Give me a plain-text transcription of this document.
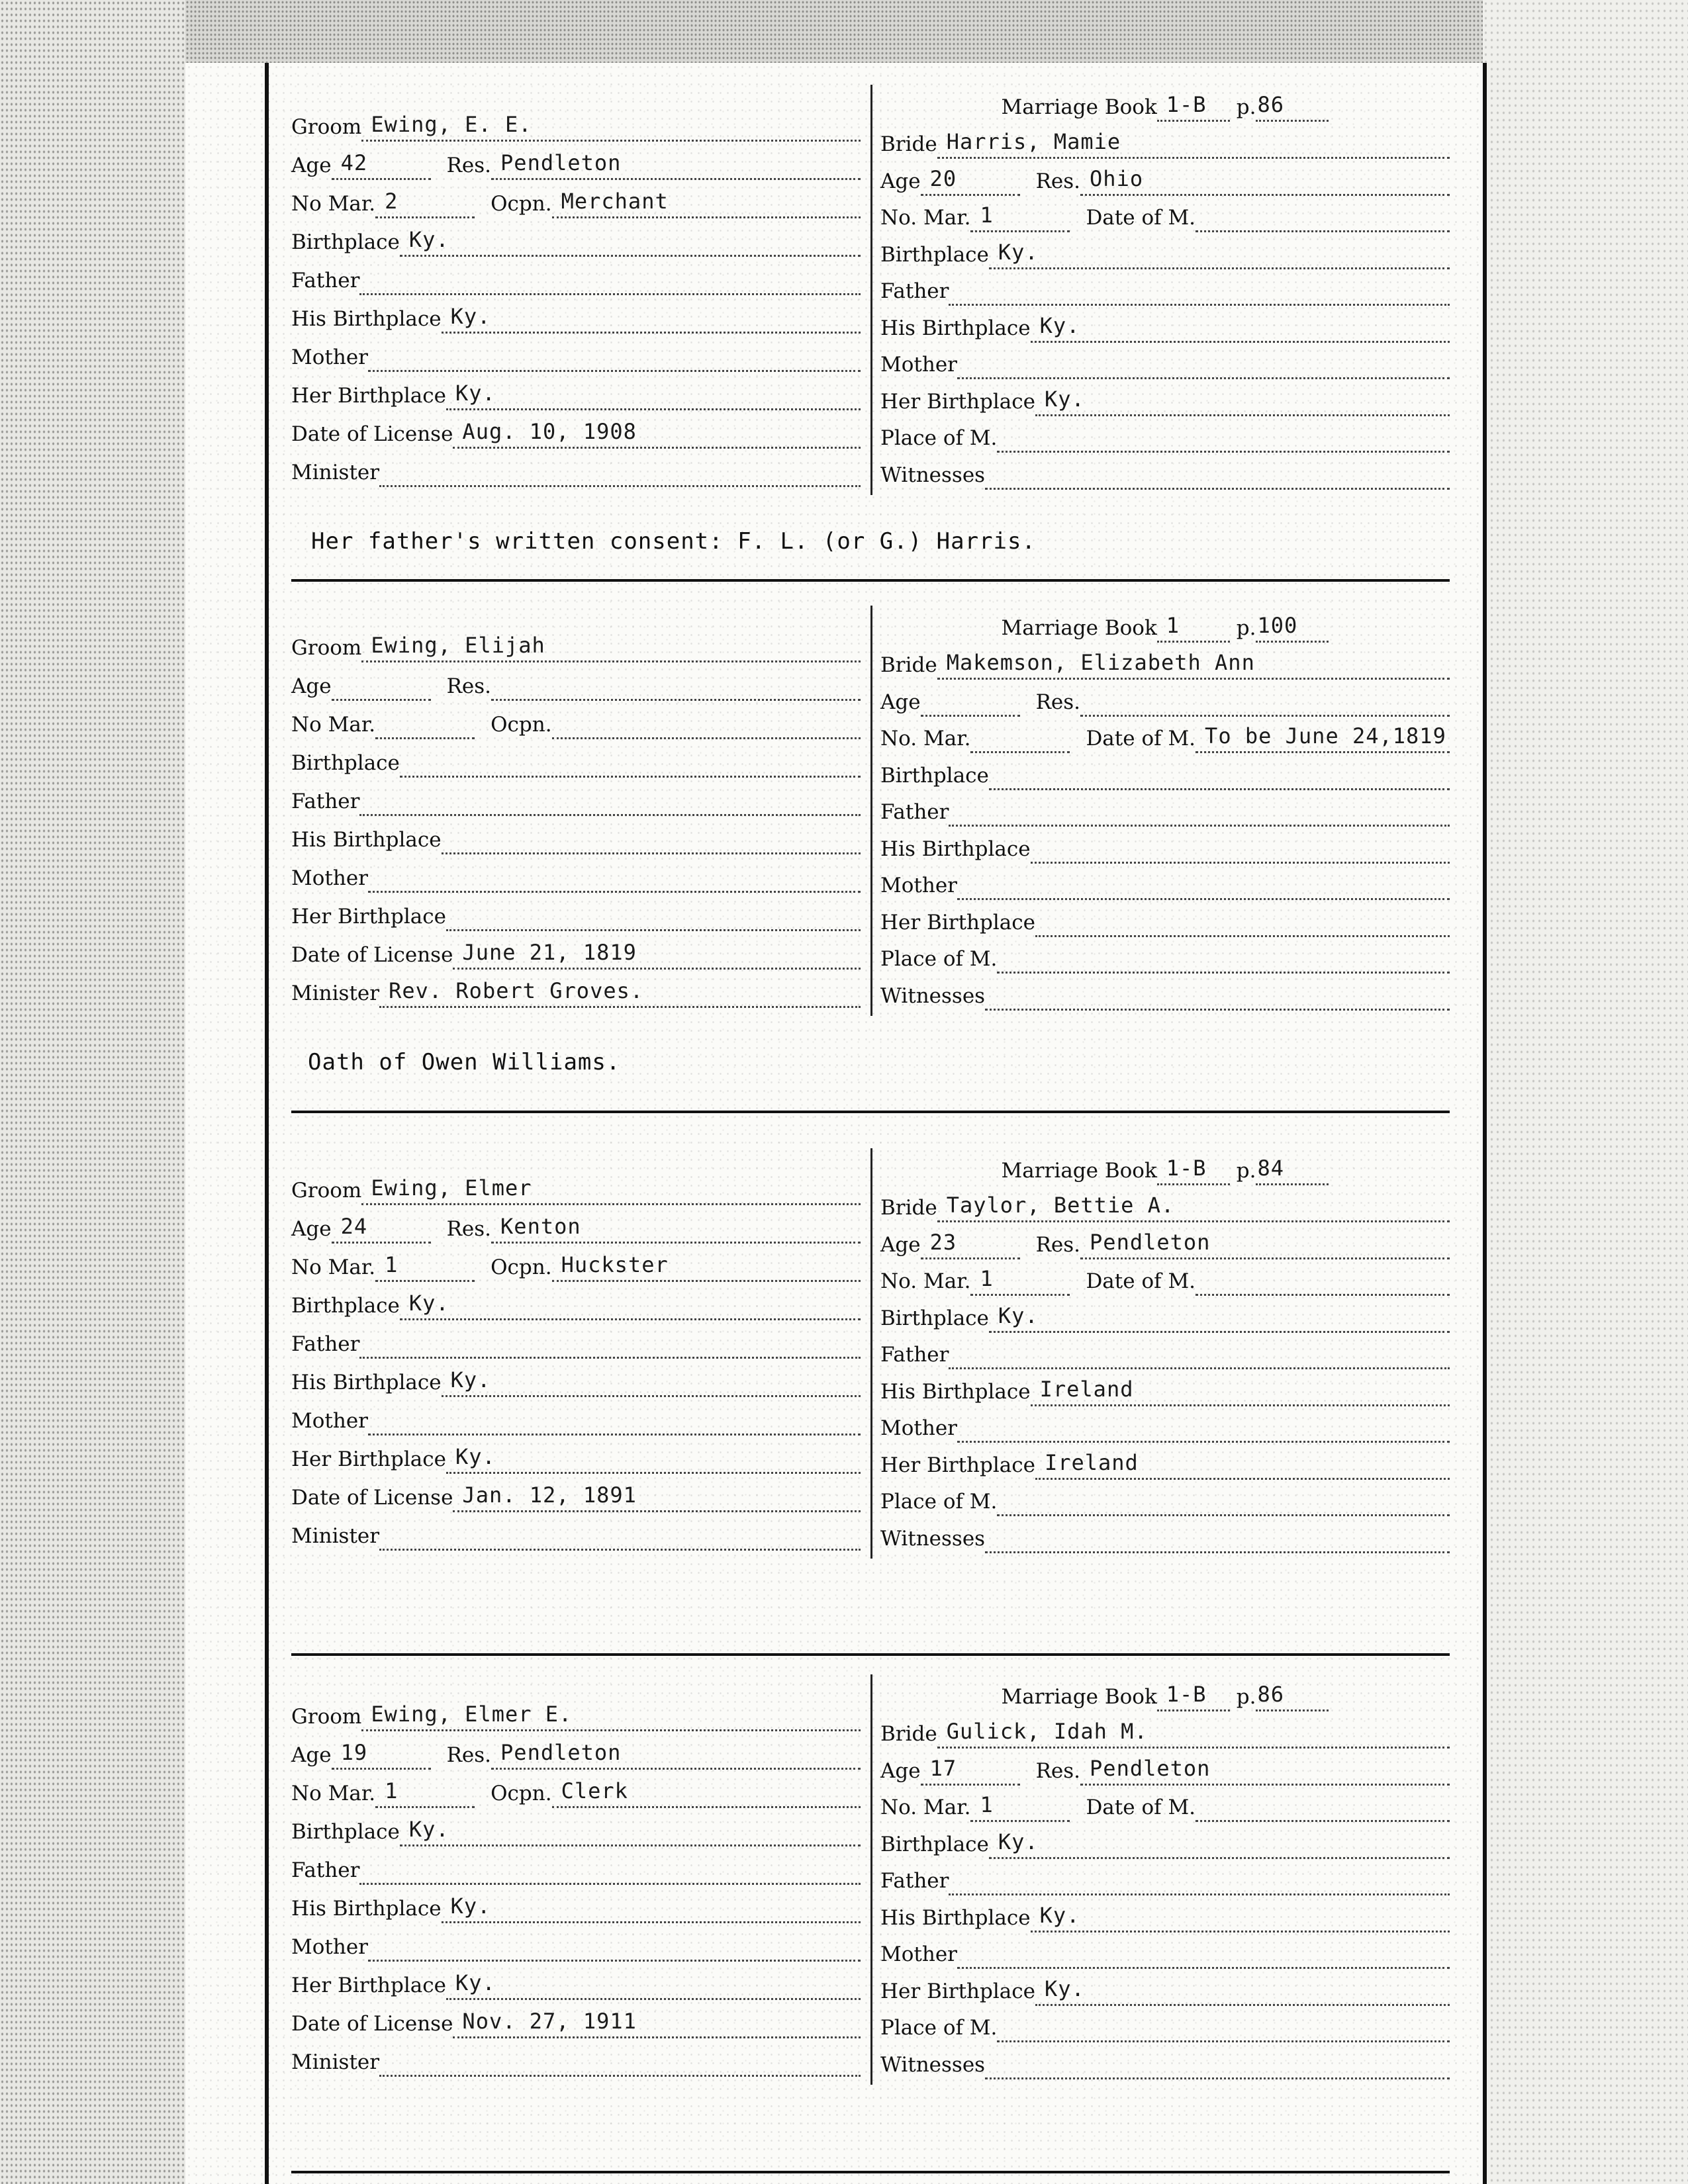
Groom Ewing, E. E.
Age 42	Res. Pendleton
No Mar. 2	Ocpn. Merchant
Birthplace Ky.
Father
His Birthplace Ky.
Mother
Her Birthplace Ky.
Date of License Aug. 10, 1908
Minister
Marriage Book 1-B p. 86
Bride Harris, Mamie
Age 20	Res. Ohio
No. Mar. 1	Date of M.
Birthplace Ky.
Father
His Birthplace Ky.
Mother
Her Birthplace Ky.
Place of M.
Witnesses
Her father's written consent: F. L. (or G.) Harris.
Groom Ewing, Elijah
Age	Res.
No Mar.	Ocpn.
Birthplace
Father
His Birthplace
Mother
Her Birthplace
Date of License June 21, 1819
Minister Rev. Robert Groves.
Marriage Book 1	p. 100
Bride Makemson, Elizabeth Ann
Age	Res.
No. Mar.	Date of M. To be June 24,1819
Birthplace
Father
His Birthplace
Mother
Her Birthplace
Place of M.
Witnesses
Oath of Owen Williams.
Groom Ewing, Elmer
Age 24	Res. Kenton
No Mar. 1	Ocpn. Huckster
Birthplace Ky.
Father
His Birthplace Ky.
Mother
Her Birthplace Ky.
Date of License Jan. 12, 1891
Minister
Marriage Book 1-B p. 84
Bride Taylor, Bettie A.
Age 23	Res. Pendleton
No. Mar. 1	Date of M.
Birthplace Ky.
Father
His Birthplace Ireland
Mother
Her Birthplace Ireland
Place of M.
Witnesses
Groom Ewing, Elmer E.
Age 19	Res. Pendleton
No Mar. 1	Ocpn. Clerk
Birthplace Ky.
Father
His Birthplace Ky.
Mother
Her Birthplace Ky.
Date of License Nov. 27, 1911
Minister
Marriage Book 1-B p. 86
Bride Gulick, Idah M.
Age 17	Res. Pendleton
No. Mar. 1	Date of M.
Birthplace Ky.
Father
His Birthplace Ky.
Mother
Her Birthplace Ky.
Place of M.
Witnesses
